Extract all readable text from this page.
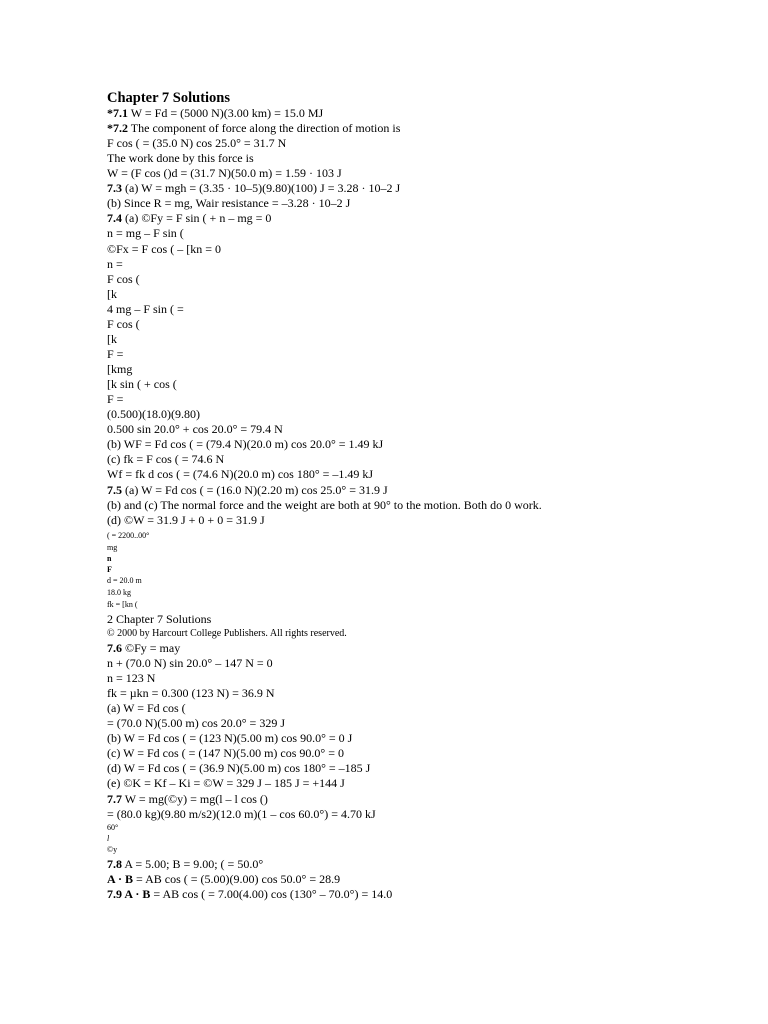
Chapter 7 Solutions
*7.1 W = Fd = (5000 N)(3.00 km) = 15.0 MJ
*7.2 The component of force along the direction of motion is
F cos ( = (35.0 N) cos 25.0° = 31.7 N
The work done by this force is
W = (F cos ()d = (31.7 N)(50.0 m) = 1.59 · 103 J
7.3 (a) W = mgh = (3.35 · 10–5)(9.80)(100) J = 3.28 · 10–2 J
(b) Since R = mg, Wair resistance = –3.28 · 10–2 J
7.4 (a) ©Fy = F sin ( + n – mg = 0
n = mg – F sin (
©Fx = F cos ( – [kn = 0
n =
F cos (
[k
4 mg – F sin ( =
F cos (
[k
F =
[kmg
[k sin ( + cos (
F =
(0.500)(18.0)(9.80)
0.500 sin 20.0° + cos 20.0° = 79.4 N
(b) WF = Fd cos ( = (79.4 N)(20.0 m) cos 20.0° = 1.49 kJ
(c) fk = F cos ( = 74.6 N
Wf = fk d cos ( = (74.6 N)(20.0 m) cos 180° = –1.49 kJ
7.5 (a) W = Fd cos ( = (16.0 N)(2.20 m) cos 25.0° = 31.9 J
(b) and (c) The normal force and the weight are both at 90° to the motion. Both do 0 work.
(d) ©W = 31.9 J + 0 + 0 = 31.9 J
( = 2200..00°
mg
n
F
d = 20.0 m
18.0 kg
fk = [kn (
2 Chapter 7 Solutions
© 2000 by Harcourt College Publishers. All rights reserved.
7.6 ©Fy = may
n + (70.0 N) sin 20.0° – 147 N = 0
n = 123 N
fk = µkn = 0.300 (123 N) = 36.9 N
(a) W = Fd cos (
= (70.0 N)(5.00 m) cos 20.0° = 329 J
(b) W = Fd cos ( = (123 N)(5.00 m) cos 90.0° = 0 J
(c) W = Fd cos ( = (147 N)(5.00 m) cos 90.0° = 0
(d) W = Fd cos ( = (36.9 N)(5.00 m) cos 180° = –185 J
(e) ©K = Kf – Ki = ©W = 329 J – 185 J = +144 J
7.7 W = mg(©y) = mg(l – l cos ()
= (80.0 kg)(9.80 m/s2)(12.0 m)(1 – cos 60.0°) = 4.70 kJ
60°
l
©y
7.8 A = 5.00; B = 9.00; ( = 50.0°
A · B = AB cos ( = (5.00)(9.00) cos 50.0° = 28.9
7.9 A · B = AB cos ( = 7.00(4.00) cos (130° – 70.0°) = 14.0
